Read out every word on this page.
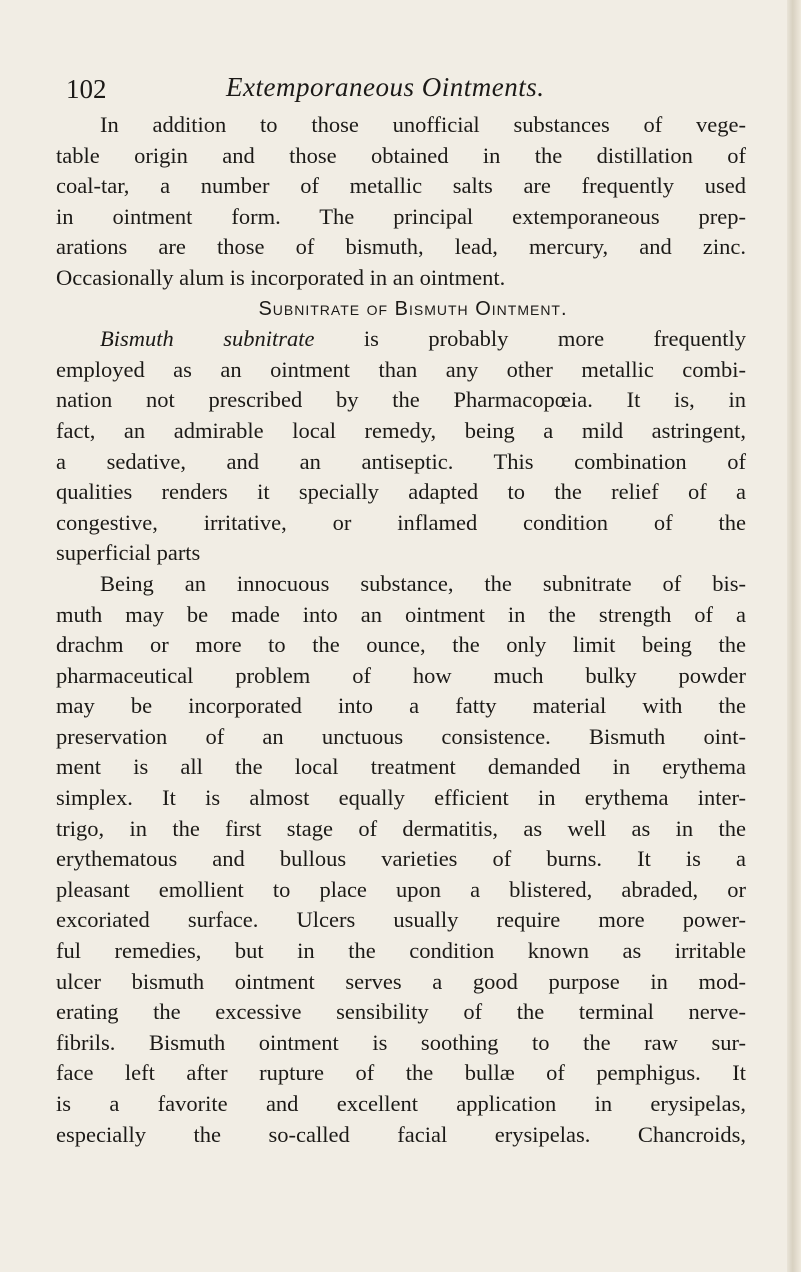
102	Extemporaneous Ointments.
In addition to those unofficial substances of vege-
table origin and those obtained in the distillation of
coal-tar, a number of metallic salts are frequently used
in ointment form. The principal extemporaneous prep-
arations are those of bismuth, lead, mercury, and zinc.
Occasionally alum is incorporated in an ointment.
Subnitrate of Bismuth Ointment.
Bismuth subnitrate is probably more frequently
employed as an ointment than any other metallic combi-
nation not prescribed by the Pharmacopœia. It is, in
fact, an admirable local remedy, being a mild astringent,
a sedative, and an antiseptic. This combination of
qualities renders it specially adapted to the relief of a
congestive, irritative, or inflamed condition of the
superficial parts
Being an innocuous substance, the subnitrate of bis-
muth may be made into an ointment in the strength of a
drachm or more to the ounce, the only limit being the
pharmaceutical problem of how much bulky powder
may be incorporated into a fatty material with the
preservation of an unctuous consistence. Bismuth oint-
ment is all the local treatment demanded in erythema
simplex. It is almost equally efficient in erythema inter-
trigo, in the first stage of dermatitis, as well as in the
erythematous and bullous varieties of burns. It is a
pleasant emollient to place upon a blistered, abraded, or
excoriated surface. Ulcers usually require more power-
ful remedies, but in the condition known as irritable
ulcer bismuth ointment serves a good purpose in mod-
erating the excessive sensibility of the terminal nerve-
fibrils. Bismuth ointment is soothing to the raw sur-
face left after rupture of the bullæ of pemphigus. It
is a favorite and excellent application in erysipelas,
especially the so-called facial erysipelas. Chancroids,
